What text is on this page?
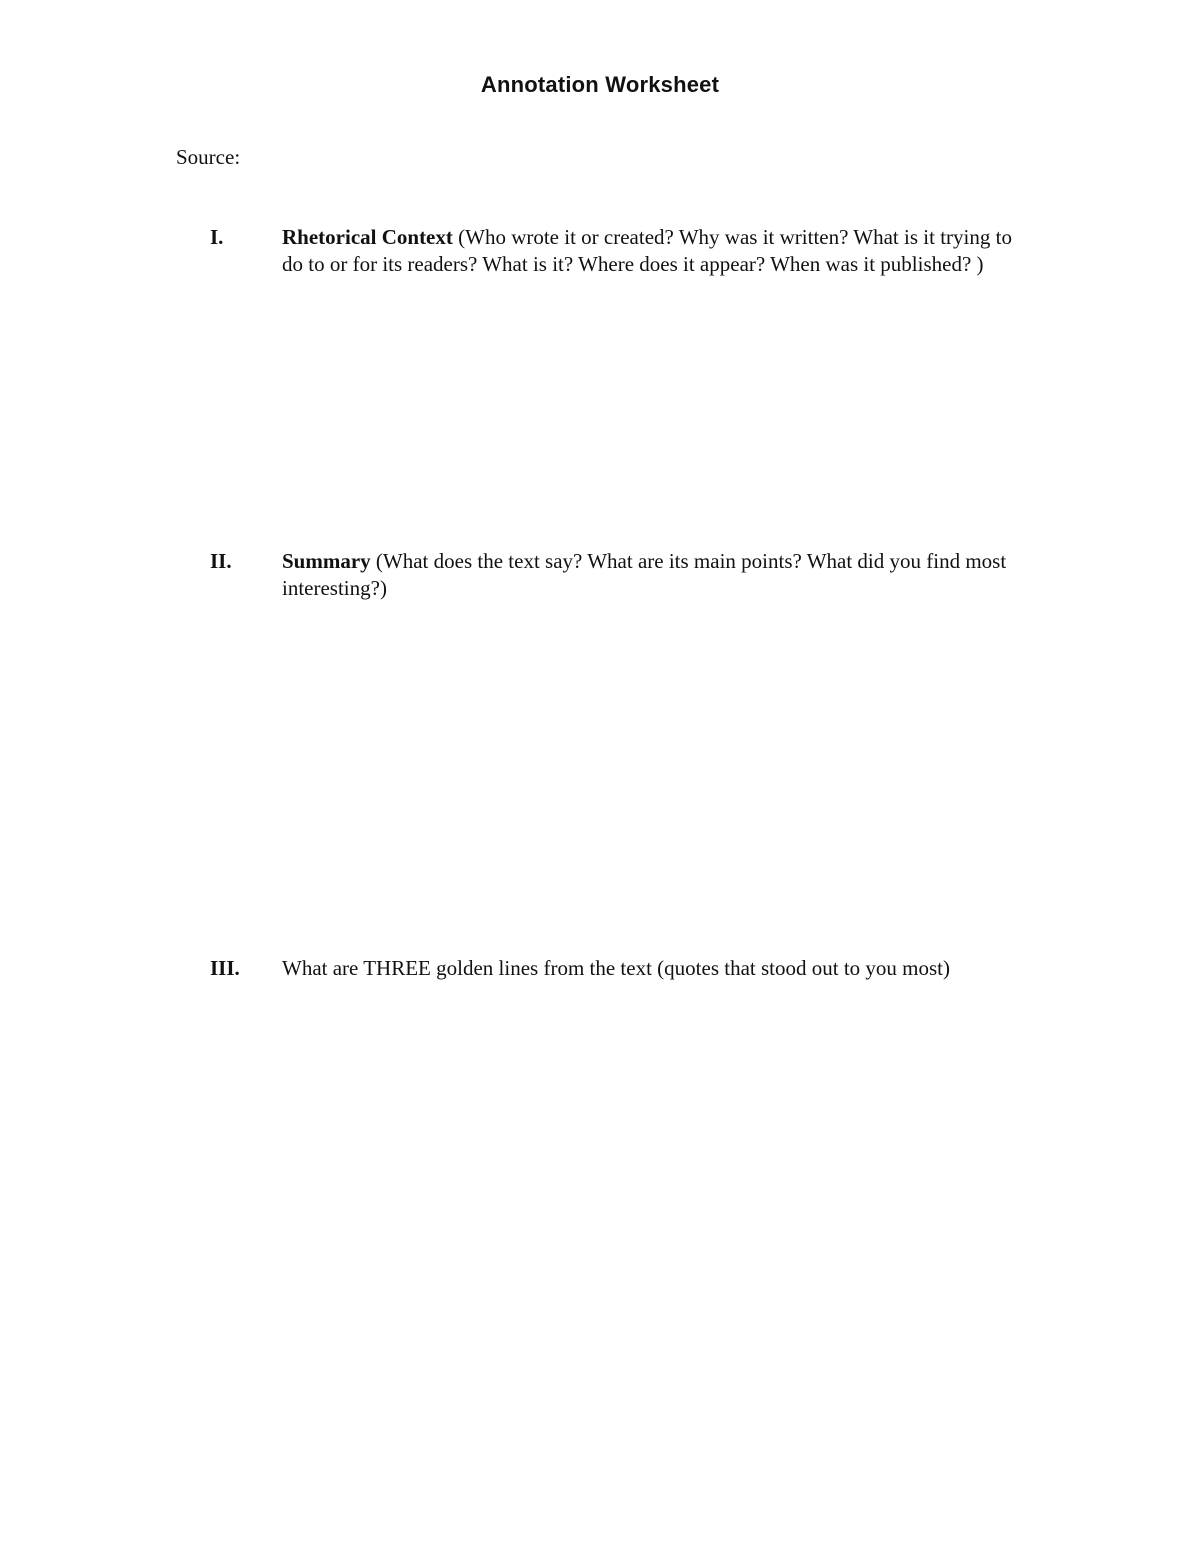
Annotation Worksheet
Source:
I.	Rhetorical Context (Who wrote it or created? Why was it written? What is it trying to do to or for its readers? What is it? Where does it appear? When was it published? )
II. Summary (What does the text say? What are its main points? What did you find most interesting?)
III. What are THREE golden lines from the text (quotes that stood out to you most)
